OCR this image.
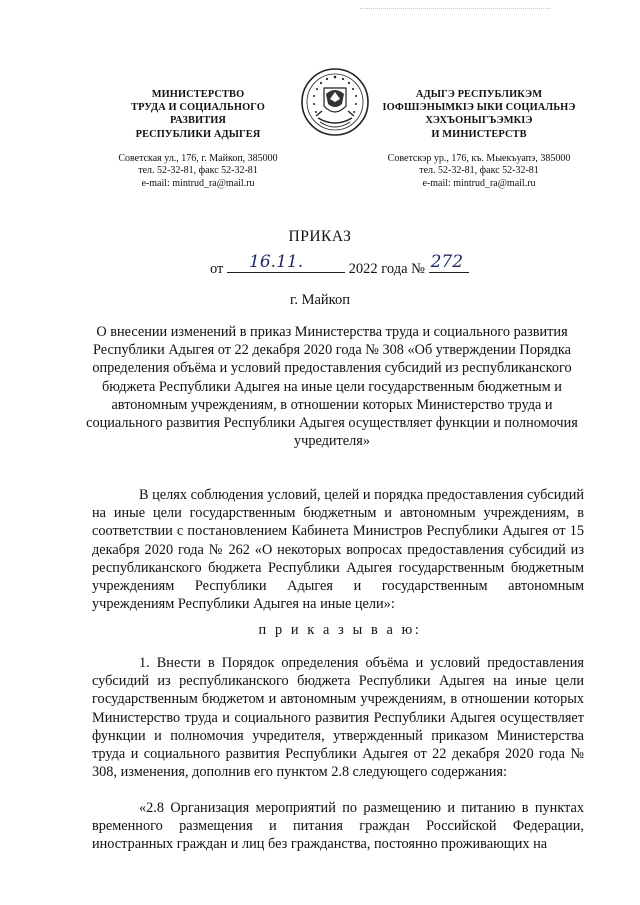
МИНИСТЕРСТВО
ТРУДА И СОЦИАЛЬНОГО
РАЗВИТИЯ
РЕСПУБЛИКИ АДЫГЕЯ
Советская ул., 176, г. Майкоп, 385000
тел. 52-32-81, факс 52-32-81
e-mail: mintrud_ra@mail.ru
АДЫГЭ РЕСПУБЛИКЭМ
IОФШIЭНЫМКIЭ ЫКИ СОЦИАЛЬНЭ
ХЭХЪОНЫГЪЭМКIЭ
И МИНИСТЕРСТВ
Советскэр ур., 176, къ. Мыекъуапэ, 385000
тел. 52-32-81, факс 52-32-81
e-mail: mintrud_ra@mail.ru
ПРИКАЗ
от 16.11.	2022 года № 272
г. Майкоп
О внесении изменений в приказ Министерства труда и социального развития Республики Адыгея от 22 декабря 2020 года № 308 «Об утверждении Порядка определения объёма и условий предоставления субсидий из республиканского бюджета Республики Адыгея на иные цели государственным бюджетным и автономным учреждениям, в отношении которых Министерство труда и социального развития Республики Адыгея осуществляет функции и полномочия учредителя»
В целях соблюдения условий, целей и порядка предоставления субсидий на иные цели государственным бюджетным и автономным учреждениям, в соответствии с постановлением Кабинета Министров Республики Адыгея от 15 декабря 2020 года № 262 «О некоторых вопросах предоставления субсидий из республиканского бюджета Республики Адыгея государственным бюджетным учреждениям Республики Адыгея и государственным автономным учреждениям Республики Адыгея на иные цели»:
п р и к а з ы в а ю:
1. Внести в Порядок определения объёма и условий предоставления субсидий из республиканского бюджета Республики Адыгея на иные цели государственным бюджетом и автономным учреждениям, в отношении которых Министерство труда и социального развития Республики Адыгея осуществляет функции и полномочия учредителя, утвержденный приказом Министерства труда и социального развития Республики Адыгея от 22 декабря 2020 года № 308, изменения, дополнив его пунктом 2.8 следующего содержания:
«2.8 Организация мероприятий по размещению и питанию в пунктах временного размещения и питания граждан Российской Федерации, иностранных граждан и лиц без гражданства, постоянно проживающих на
